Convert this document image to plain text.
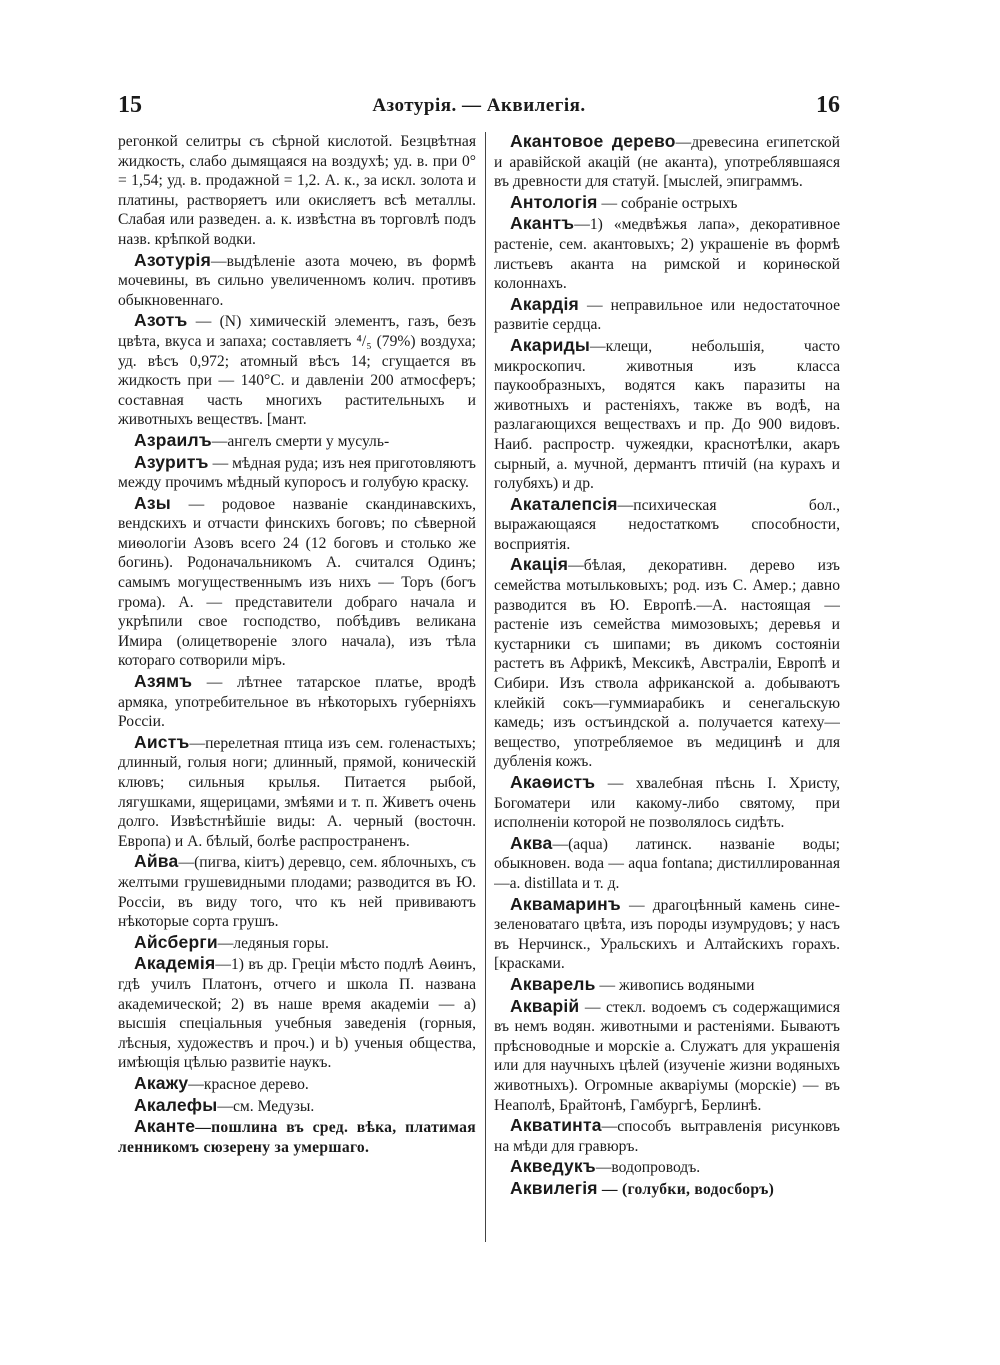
15	Азотурія. — Аквилегія.	16

регонкой селитры съ сѣрной кислотой. Безцвѣтная жидкость, слабо дымящаяся на воздухѣ; уд. в. при 0° = 1,54; уд. в. продажной = 1,2. А. к., за искл. золота и платины, растворяетъ или окисляетъ всѣ металлы. Слабая или разведен. а. к. извѣстна въ торговлѣ подъ назв. крѣпкой водки.

Азотурія—выдѣленіе азота мочею, въ формѣ мочевины, въ сильно увеличенномъ колич. противъ обыкновеннаго.

Азотъ — (N) химическій элементъ, газъ, безъ цвѣта, вкуса и запаха; составляетъ ⁴/₅ (79%) воздуха; уд. вѣсъ 0,972; атомный вѣсъ 14; сгущается въ жидкость при — 140°С. и давленіи 200 атмосферъ; составная часть многихъ растительныхъ и животныхъ веществъ. [мант.

Азраилъ—ангелъ смерти у мусуль-

Азуритъ — мѣдная руда; изъ нея приготовляютъ между прочимъ мѣдный купоросъ и голубую краску.

Азы — родовое названіе скандинавскихъ, вендскихъ и отчасти финскихъ боговъ; по сѣверной миѳологіи Азовъ всего 24 (12 боговъ и столько же богинь). Родоначальникомъ А. считался Одинъ; самымъ могущественнымъ изъ нихъ — Торъ (богъ грома). А. — представители добраго начала и укрѣпили свое господство, побѣдивъ великана Имира (олицетвореніе злого начала), изъ тѣла котораго сотворили міръ.

Азямъ — лѣтнее татарское платье, вродѣ армяка, употребительное въ нѣкоторыхъ губерніяхъ Россіи.

Аистъ—перелетная птица изъ сем. голенастыхъ; длинный, голыя ноги; длинный, прямой, коническій клювъ; сильныя крылья. Питается рыбой, лягушками, ящерицами, змѣями и т. п. Живетъ очень долго. Извѣстнѣйшіе виды: А. черный (восточн. Европа) и А. бѣлый, болѣе распространенъ.

Айва—(пигва, кіитъ) деревцо, сем. яблочныхъ, съ желтыми грушевидными плодами; разводится въ Ю. Россіи, въ виду того, что къ ней прививаютъ нѣкоторые сорта грушъ.

Айсберги—ледяныя горы.

Академія—1) въ др. Греціи мѣсто подлѣ Аѳинъ, гдѣ училъ Платонъ, отчего и школа П. названа академической; 2) въ наше время академіи — а) высшія спеціальныя учебныя заведенія (горныя, лѣсныя, художествъ и проч.) и b) ученыя общества, имѣющія цѣлью развитіе наукъ.

Акажу—красное дерево.

Акалефы—см. Медузы.

Аканте—пошлина въ сред. вѣка, платимая ленникомъ сюзерену за умершаго.

Акантовое дерево—древесина египетской и аравійской акацій (не аканта), употреблявшаяся въ древности для статуй. [мыслей, эпиграммъ.

Антологія — собраніе острыхъ

Акантъ—1) «медвѣжья лапа», декоративное растеніе, сем. акантовыхъ; 2) украшеніе въ формѣ листьевъ аканта на римской и коринѳской колоннахъ.

Акардія — неправильное или недостаточное развитіе сердца.

Акариды—клещи, небольшія, часто микроскопич. животныя изъ класса паукообразныхъ, водятся какъ паразиты на животныхъ и растеніяхъ, также въ водѣ, на разлагающихся веществахъ и пр. До 900 видовъ. Наиб. распростр. чужеядки, краснотѣлки, акаръ сырный, а. мучной, дермантъ птичій (на курахъ и голубяхъ) и др.

Акаталепсія—психическая бол., выражающаяся недостаткомъ способности, восприятія.

Акація—бѣлая, декоративн. дерево изъ семейства мотыльковыхъ; род. изъ С. Амер.; давно разводится въ Ю. Европѣ.—А. настоящая — растеніе изъ семейства мимозовыхъ; деревья и кустарники съ шипами; въ дикомъ состояніи растетъ въ Африкѣ, Мексикѣ, Австраліи, Европѣ и Сибири. Изъ ствола африканской а. добываютъ клейкій сокъ—гуммиарабикъ и сенегальскую камедь; изъ остъиндской а. получается катеху—вещество, употребляемое въ медицинѣ и для дубленія кожъ.

Акаѳистъ — хвалебная пѣснь І. Христу, Богоматери или какому-либо святому, при исполненіи которой не позволялось сидѣть.

Аква—(aqua) латинск. названіе воды; обыкновен. вода — aqua fontana; дистиллированная—а. distillata и т. д.

Аквамаринъ — драгоцѣнный камень сине-зеленоватаго цвѣта, изъ породы изумрудовъ; у насъ въ Нерчинск., Уральскихъ и Алтайскихъ горахъ. [красками.

Акварель — живопись водяными

Акварій — стекл. водоемъ съ содержащимися въ немъ водян. животными и растеніями. Бываютъ прѣсноводные и морскіе а. Служатъ для украшенія или для научныхъ цѣлей (изученіе жизни водяныхъ животныхъ). Огромные акваріумы (морскіе) — въ Неаполѣ, Брайтонѣ, Гамбургѣ, Берлинѣ.

Акватинта—способъ вытравленія рисунковъ на мѣди для гравюръ.

Акведукъ—водопроводъ.

Аквилегія — (голубки, водосборъ)
